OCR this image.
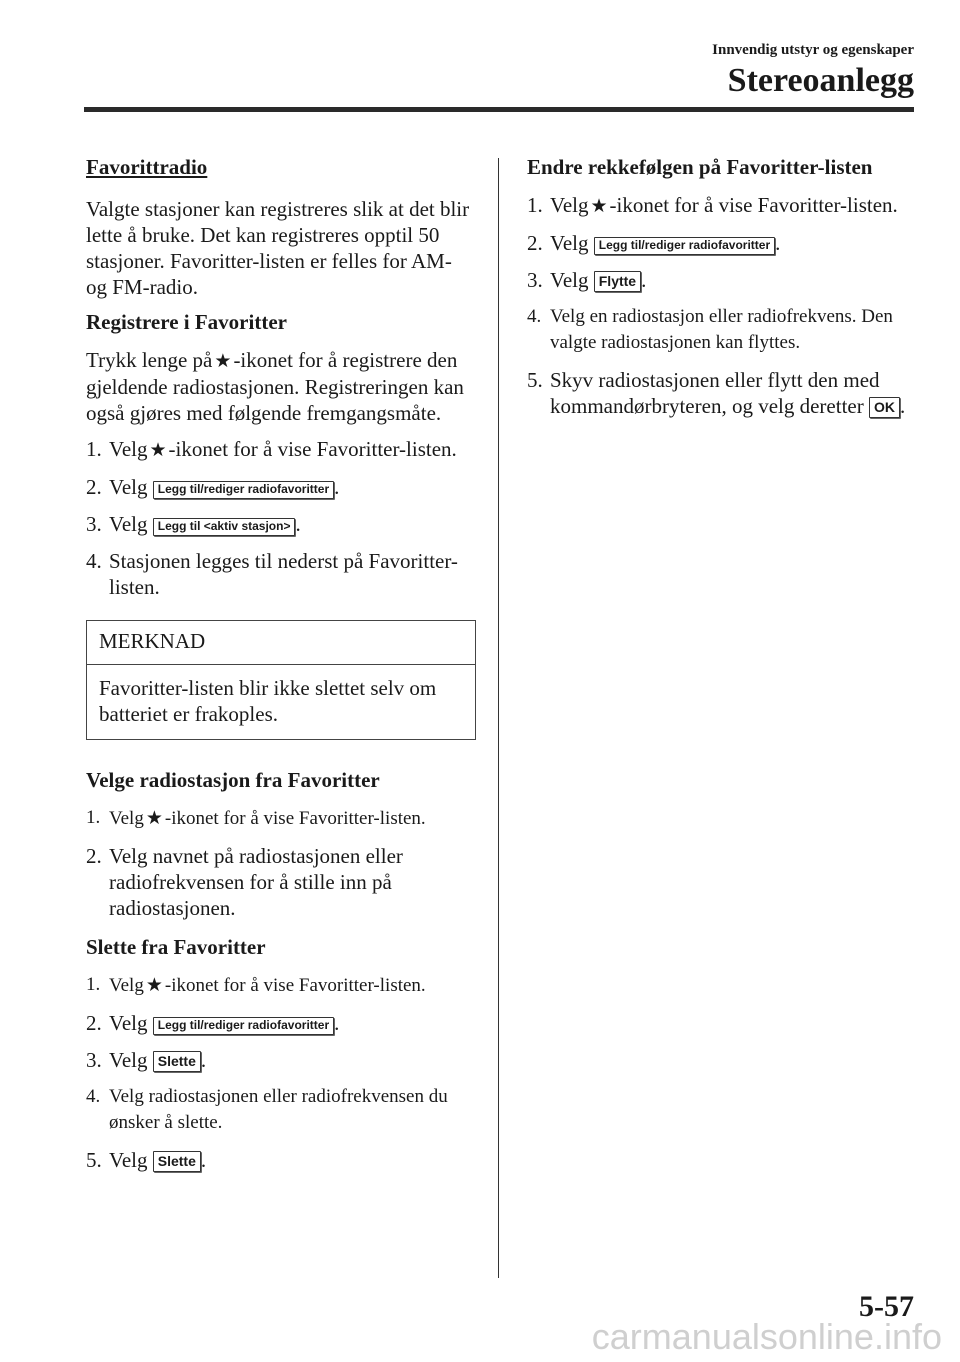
Innvendig utstyr og egenskaper
Stereoanlegg
Favorittradio

Valgte stasjoner kan registreres slik at det blir lette å bruke. Det kan registreres opptil 50 stasjoner. Favoritter-listen er felles for AM- og FM-radio.

Registrere i Favoritter

Trykk lenge på ★-ikonet for å registrere den gjeldende radiostasjonen. Registreringen kan også gjøres med følgende fremgangsmåte.

1. Velg ★-ikonet for å vise Favoritter-listen.
2. Velg Legg til/rediger radiofavoritter .
3. Velg Legg til <aktiv stasjon> .
4. Stasjonen legges til nederst på Favoritter-listen.
MERKNAD
Favoritter-listen blir ikke slettet selv om batteriet er frakoples.
Velge radiostasjon fra Favoritter
1. Velg ★ -ikonet for å vise Favoritter-listen.
2. Velg navnet på radiostasjonen eller radiofrekvensen for å stille inn på radiostasjonen.
Slette fra Favoritter
1. Velg ★ -ikonet for å vise Favoritter-listen.
2. Velg Legg til/rediger radiofavoritter .
3. Velg Slette .
4. Velg radiostasjonen eller radiofrekvensen du ønsker å slette.
5. Velg Slette .
Endre rekkefølgen på Favoritter-listen
1. Velg ★-ikonet for å vise Favoritter-listen.
2. Velg Legg til/rediger radiofavoritter .
3. Velg Flytte .
4. Velg en radiostasjon eller radiofrekvens. Den valgte radiostasjonen kan flyttes.
5. Skyv radiostasjonen eller flytt den med kommandørbryteren, og velg deretter OK .
5-57
carmanualsonline.info
